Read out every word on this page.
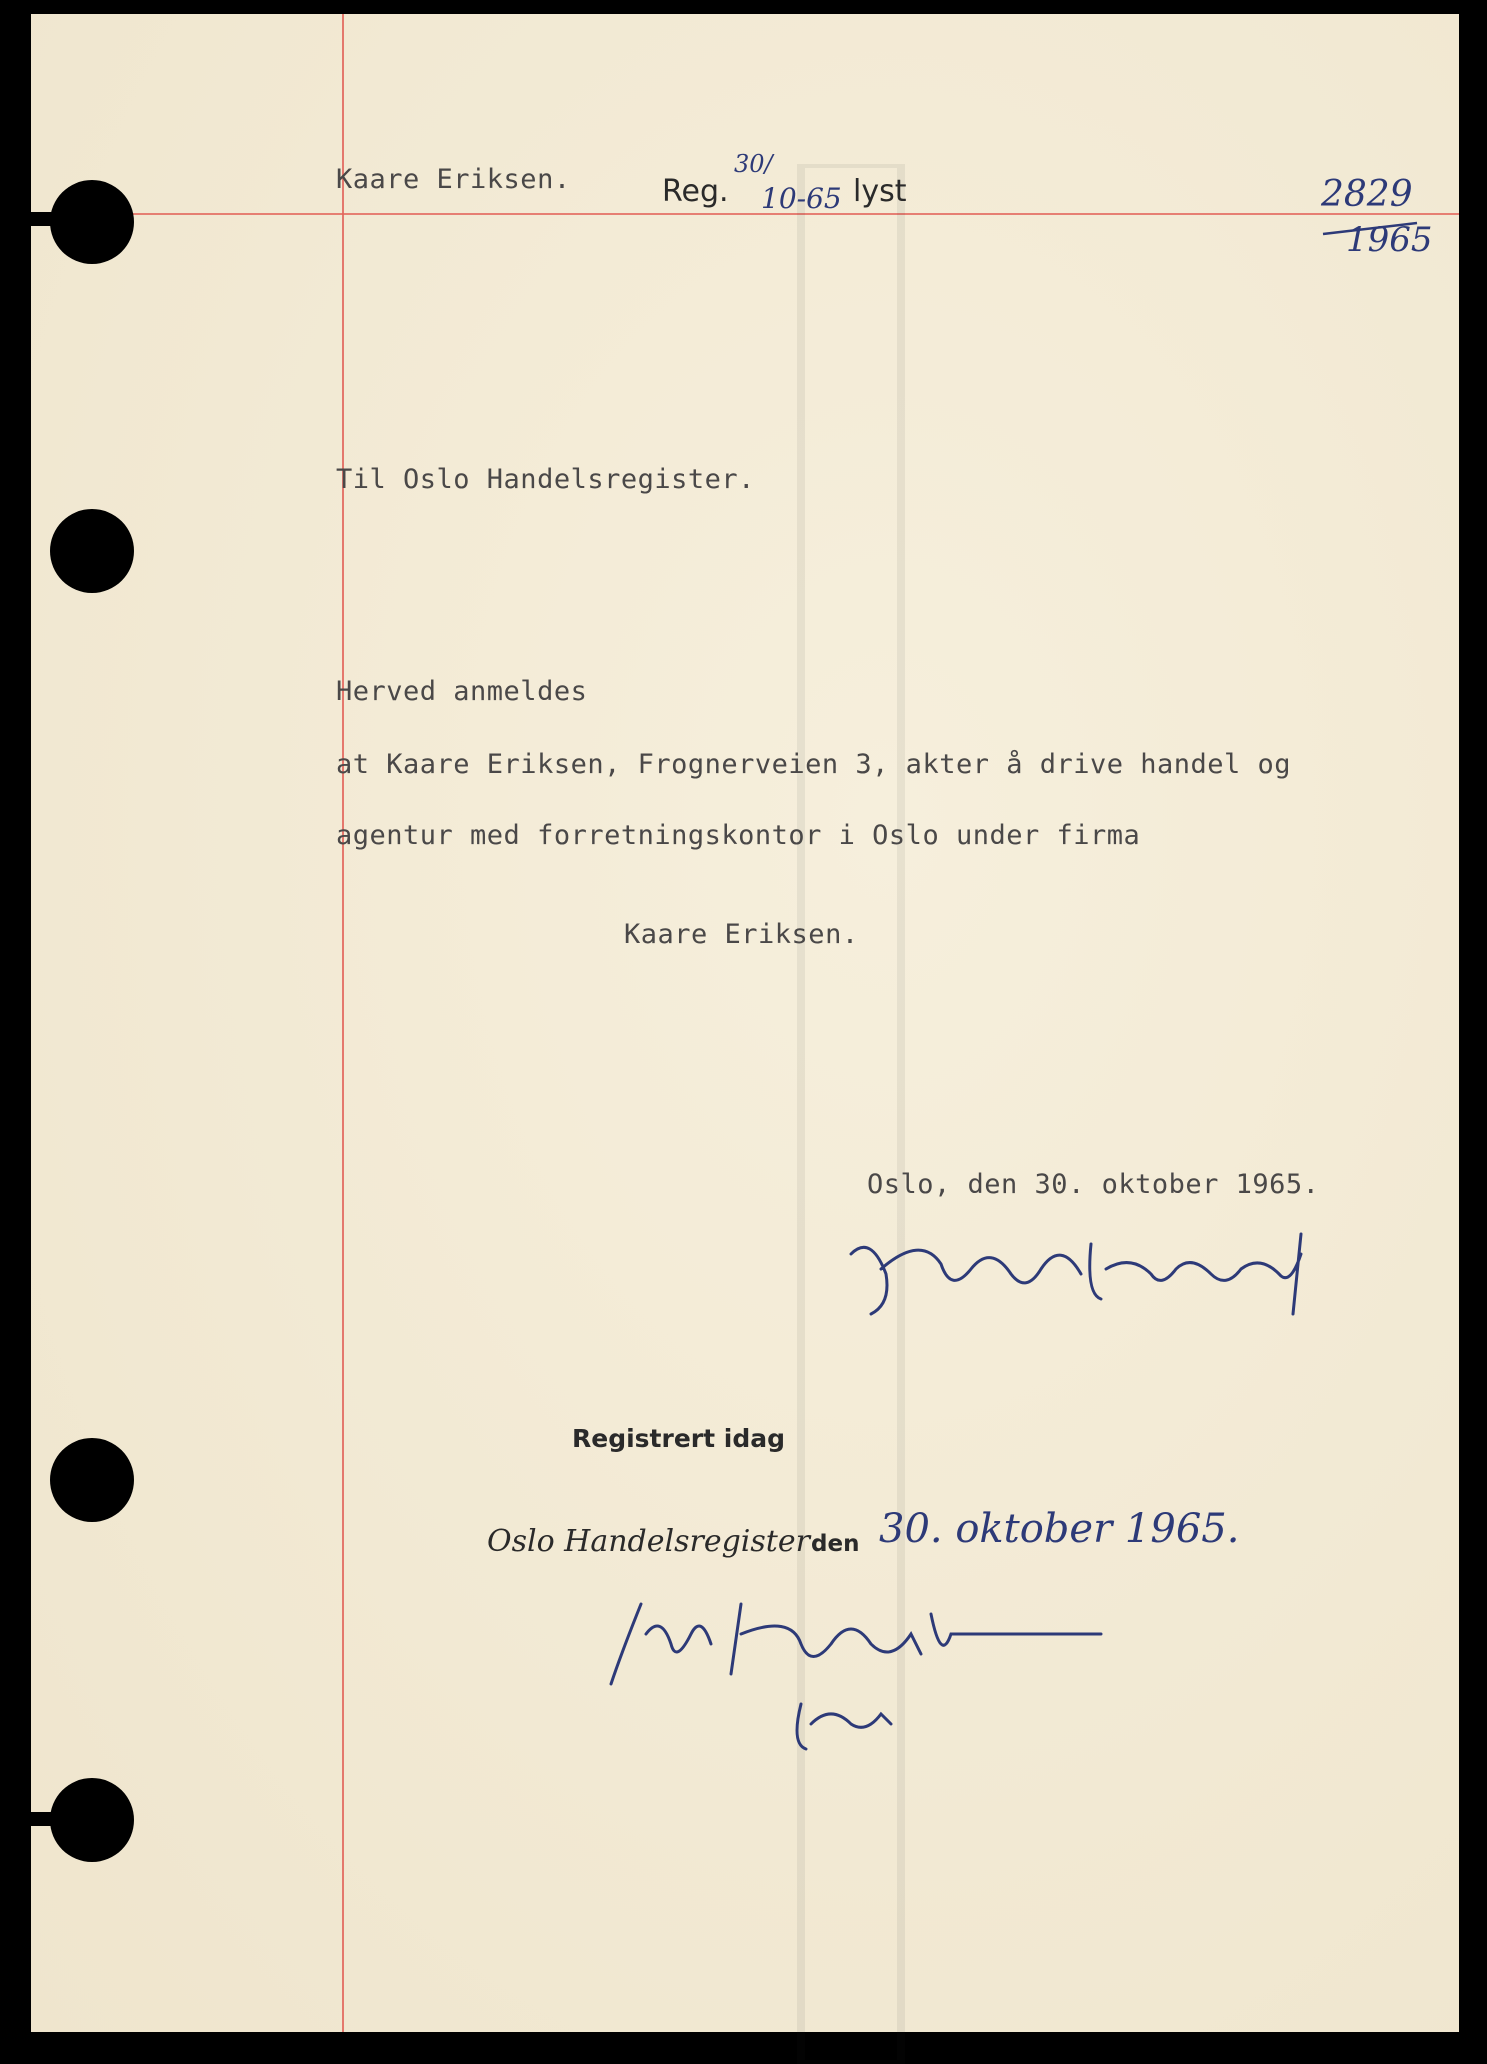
Kaare Eriksen.	Reg.
30/
10-65 lyst	2829
1965
Til Oslo Handelsregister.
Herved anmeldes
at Kaare Eriksen, Frognerveien 3, akter å drive handel og
agentur med forretningskontor i Oslo under firma
Kaare Eriksen.
Oslo, den 30. oktober 1965.
Registrert idag
Oslo Handelsregister den 30. oktober 1965.
